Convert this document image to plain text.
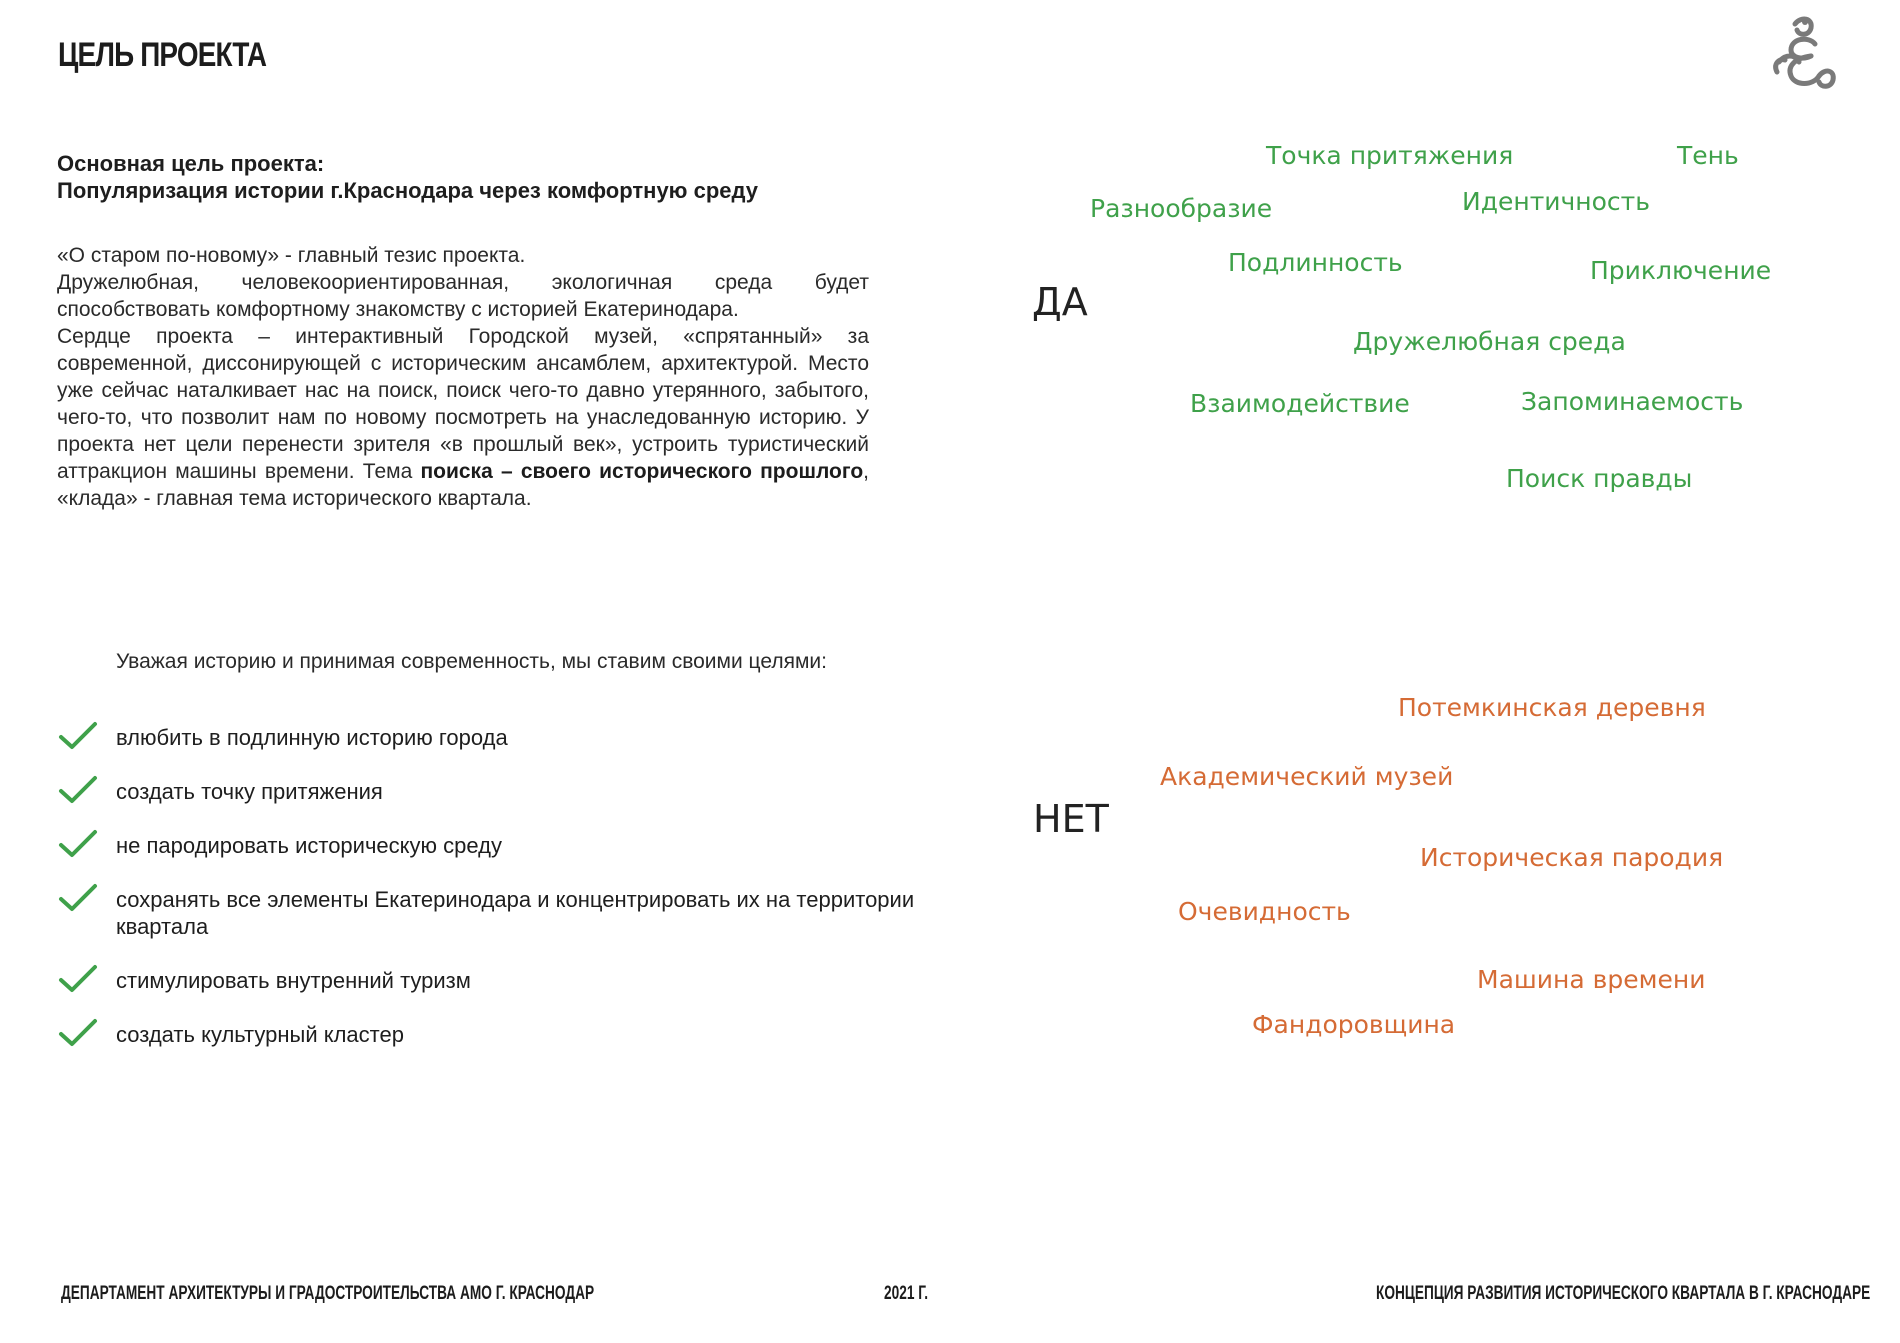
ЦЕЛЬ ПРОЕКТА
Основная цель проекта:
Популяризация истории г.Краснодара через комфортную среду

«О старом по-новому» - главный тезис проекта.

Дружелюбная, человекоориентированная, экологичная среда будет способствовать комфортному знакомству с историей Екатеринодара.

Сердце проекта – интерактивный Городской музей, «спрятанный» за современной, диссонирующей с историческим ансамблем, архитектурой. Место уже сейчас наталкивает нас на поиск, поиск чего-то давно утерянного, забытого, чего-то, что позволит нам по новому посмотреть на унаследованную историю. У проекта нет цели перенести зрителя «в прошлый век», устроить туристический аттракцион машины времени. Тема поиска – своего исторического прошлого, «клада» - главная тема исторического квартала.

Уважая историю и принимая современность, мы ставим своими целями:
влюбить в подлинную историю города
создать точку притяжения
не пародировать историческую среду
сохранять все элементы Екатеринодара и концентрировать их на территории квартала
стимулировать внутренний туризм
создать культурный кластер
ДА
НЕТ
Точка притяжения	Тень
Разнообразие	Идентичность
Подлинность	Приключение
Дружелюбная среда
Взаимодействие	Запоминаемость
Поиск правды
Потемкинская деревня
Академический музей
Историческая пародия
Очевидность
Машина времени
Фандоровщина
ДЕПАРТАМЕНТ АРХИТЕКТУРЫ И ГРАДОСТРОИТЕЛЬСТВА АМО Г. КРАСНОДАР	2021 Г.	КОНЦЕПЦИЯ РАЗВИТИЯ ИСТОРИЧЕСКОГО КВАРТАЛА В Г. КРАСНОДАРЕ
